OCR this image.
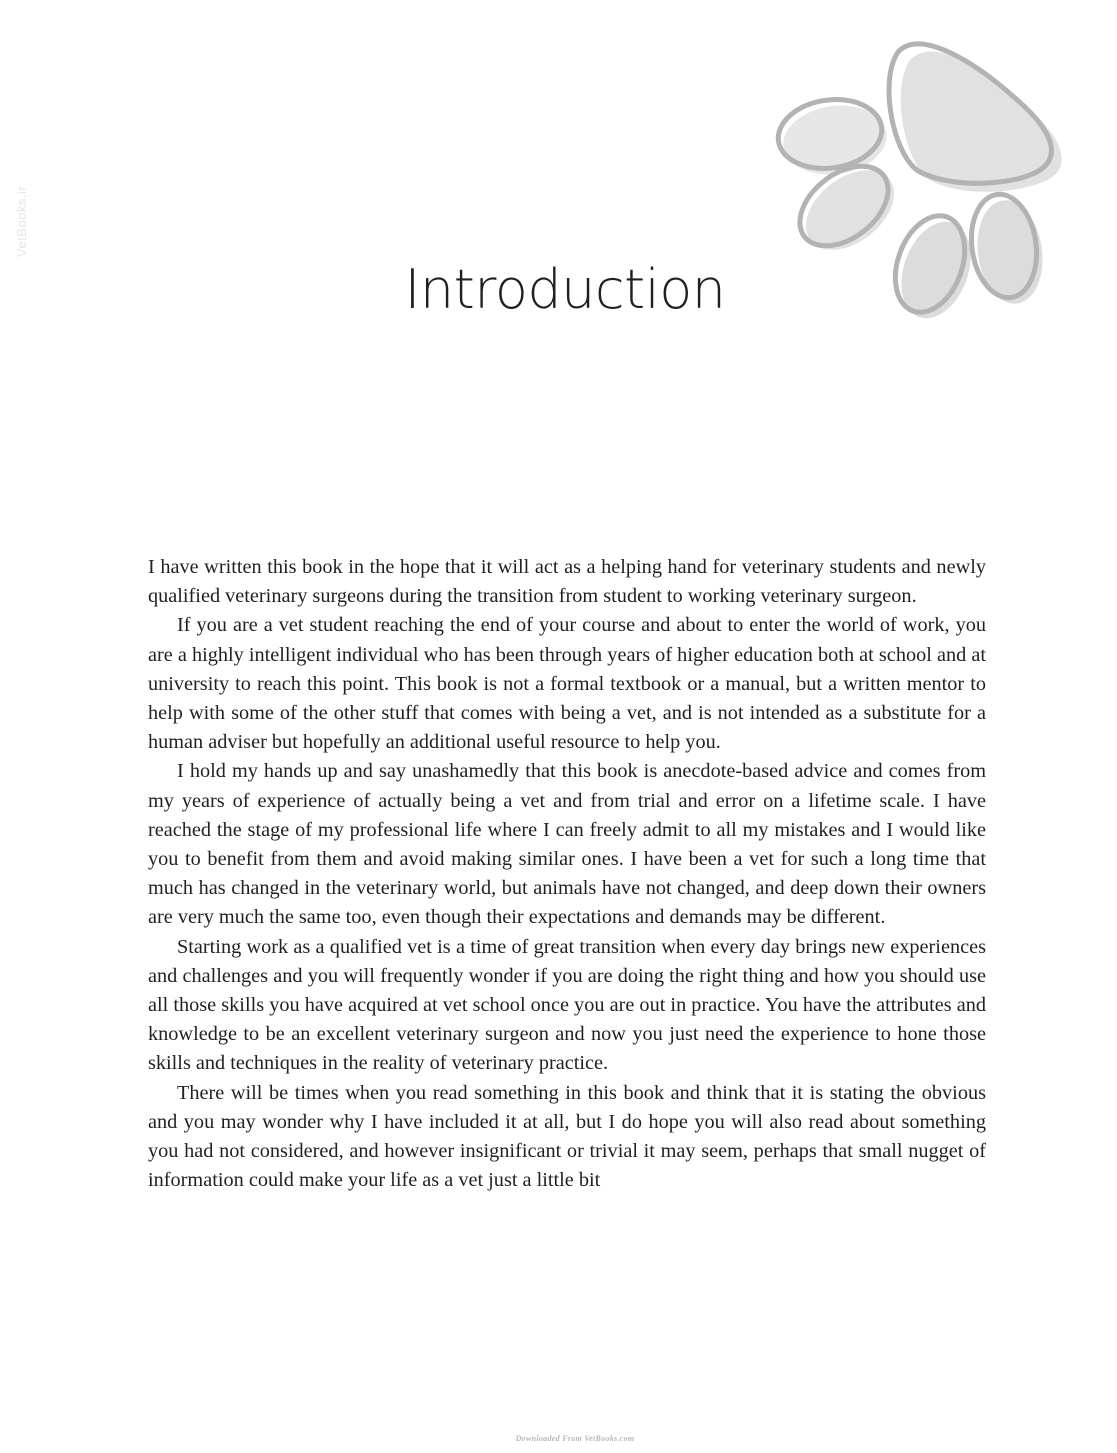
VetBooks.ir
Introduction

I have written this book in the hope that it will act as a helping hand for veterinary students and newly qualified veterinary surgeons during the transition from student to working veterinary surgeon.

If you are a vet student reaching the end of your course and about to enter the world of work, you are a highly intelligent individual who has been through years of higher education both at school and at university to reach this point. This book is not a formal textbook or a manual, but a written mentor to help with some of the other stuff that comes with being a vet, and is not intended as a substitute for a human adviser but hopefully an additional useful resource to help you.

I hold my hands up and say unashamedly that this book is anecdote-based advice and comes from my years of experience of actually being a vet and from trial and error on a lifetime scale. I have reached the stage of my professional life where I can freely admit to all my mistakes and I would like you to benefit from them and avoid making similar ones. I have been a vet for such a long time that much has changed in the veterinary world, but animals have not changed, and deep down their owners are very much the same too, even though their expectations and demands may be different.

Starting work as a qualified vet is a time of great transition when every day brings new experiences and challenges and you will frequently wonder if you are doing the right thing and how you should use all those skills you have acquired at vet school once you are out in practice. You have the attributes and knowledge to be an excellent veterinary surgeon and now you just need the experience to hone those skills and techniques in the reality of veterinary practice.

There will be times when you read something in this book and think that it is stating the obvious and you may wonder why I have included it at all, but I do hope you will also read about something you had not considered, and however insignificant or trivial it may seem, perhaps that small nugget of information could make your life as a vet just a little bit

Downloaded From VetBooks.com
